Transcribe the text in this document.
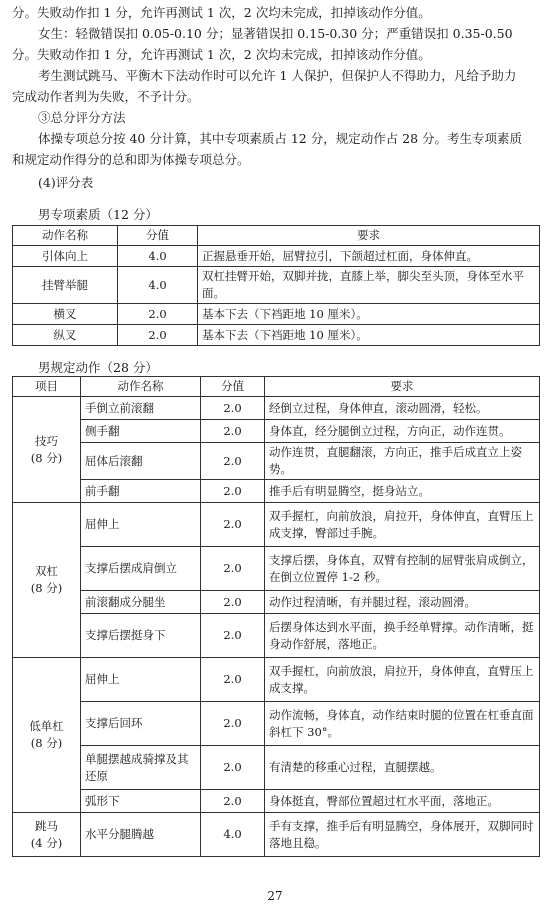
分。失败动作扣 1 分，允许再测试 1 次，2 次均未完成，扣掉该动作分值。

女生：轻微错误扣 0.05-0.10 分；显著错误扣 0.15-0.30 分；严重错误扣 0.35-0.50

分。失败动作扣 1 分，允许再测试 1 次，2 次均未完成，扣掉该动作分值。

考生测试跳马、平衡木下法动作时可以允许 1 人保护，但保护人不得助力，凡给予助力

完成动作者判为失败，不予计分。

③总分评分方法

体操专项总分按 40 分计算，其中专项素质占 12 分，规定动作占 28 分。考生专项素质

和规定动作得分的总和即为体操专项总分。

(4)评分表

男专项素质（12 分）
动作名称	分值	要求
引体向上	4.0	正握悬垂开始，屈臂拉引，下颌超过杠面，身体伸直。
挂臂举腿	4.0	双杠挂臂开始，双脚并拢，直膝上举，脚尖至头顶，身体至水平面。
横叉	2.0	基本下去（下裆距地 10 厘米）。
纵叉	2.0	基本下去（下裆距地 10 厘米）。
男规定动作（28 分）
项目	动作名称	分值	要求

技巧
(8 分)	手倒立前滚翻	2.0	经倒立过程，身体伸直，滚动圆滑，轻松。
	侧手翻	2.0	身体直，经分腿倒立过程，方向正，动作连贯。
	屈体后滚翻	2.0	动作连贯，直腿翻滚，方向正，推手后成直立上姿势。
	前手翻	2.0	推手后有明显腾空，挺身站立。

双杠
(8 分)	屈伸上	2.0	双手握杠，向前放浪，肩拉开，身体伸直，直臂压上成支撑，臀部过手腕。
	支撑后摆成肩倒立	2.0	支撑后摆，身体直，双臂有控制的屈臂张肩成倒立，在倒立位置停 1-2 秒。
	前滚翻成分腿坐	2.0	动作过程清晰，有并腿过程，滚动圆滑。
	支撑后摆挺身下	2.0	后摆身体达到水平面，换手经单臂撑。动作清晰，挺身动作舒展，落地正。

低单杠
(8 分)	屈伸上	2.0	双手握杠，向前放浪，肩拉开，身体伸直，直臂压上成支撑。
	支撑后回环	2.0	动作流畅，身体直，动作结束时腿的位置在杠垂直面斜杠下 30°。
	单腿摆越成骑撑及其还原	2.0	有清楚的移重心过程，直腿摆越。
	弧形下	2.0	身体挺直，臀部位置超过杠水平面，落地正。

跳马
(4 分)	水平分腿腾越	4.0	手有支撑，推手后有明显腾空，身体展开，双脚同时落地且稳。
27
